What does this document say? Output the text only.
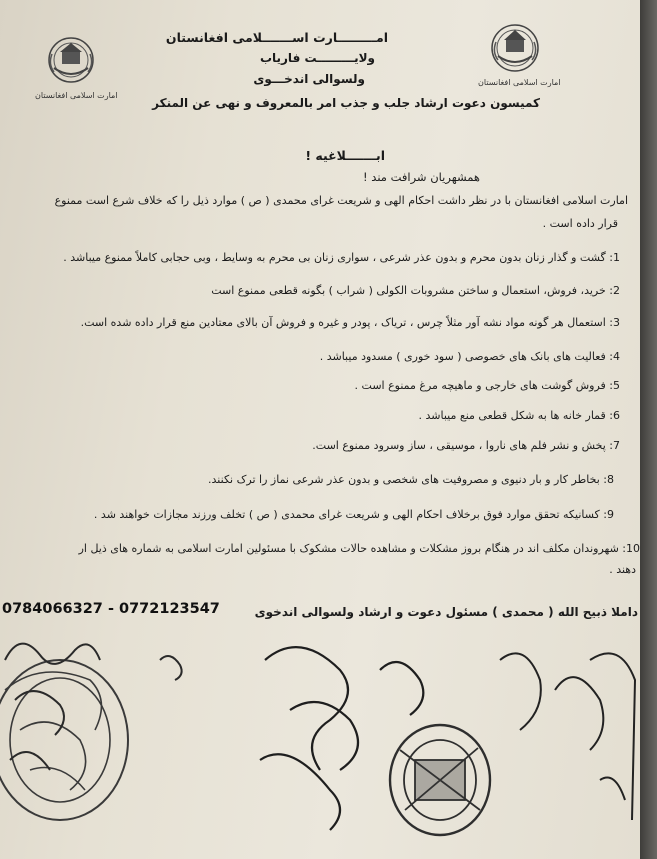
امارت اسلامی افغانستان
امارت اسلامی افغانستان
امـــــــــارت اســـــــلامی افغانستان
ولایـــــــــت فاریاب
ولسوالی اندخـــوی
کمیسون دعوت ارشاد جلب و جذب امر بالمعروف و نهی عن المنکر
ابـــــــلاغیه !
همشهریان شرافت مند !
امارت اسلامی افغانستان با در نظر داشت احکام الهی و شریعت غرای محمدی ( ص ) موارد ذیل را که خلاف شرع است ممنوع
قرار داده است .
1: گشت و گذار زنان بدون محرم و بدون عذر شرعی ، سواری زنان بی محرم به وسایط ، وبی حجابی کاملاً ممنوع میباشد .
2: خرید، فروش، استعمال و ساختن مشروبات الکولی ( شراب ) بگونه قطعی ممنوع است
3: استعمال هر گونه مواد نشه آور مثلاً چرس ، تریاک ، پودر و غیره و فروش آن بالای معتادین منع قرار داده شده است.
4: فعالیت های بانک های خصوصی ( سود خوری ) مسدود میباشد .
5: فروش گوشت های خارجی و ماهیچه مرغ ممنوع است .
6: قمار خانه ها به شکل قطعی منع میباشد .
7: پخش و نشر فلم های ناروا ، موسیقی ، ساز وسرود ممنوع است.
8: بخاطر کار و بار دنیوی و مصروفیت های شخصی و بدون عذر شرعی نماز را ترک نکنند.
9: کسانیکه تحقق موارد فوق برخلاف احکام الهی و شریعت غرای محمدی ( ص ) تخلف ورزند مجازات خواهند شد .
10: شهروندان مکلف اند در هنگام بروز مشکلات و مشاهده حالات مشکوک با مسئولین امارت اسلامی به شماره های ذیل ار
دهند .
داملا ذبیح الله ( محمدی ) مسئول دعوت و ارشاد ولسوالی اندخوی
0784066327 - 0772123547
